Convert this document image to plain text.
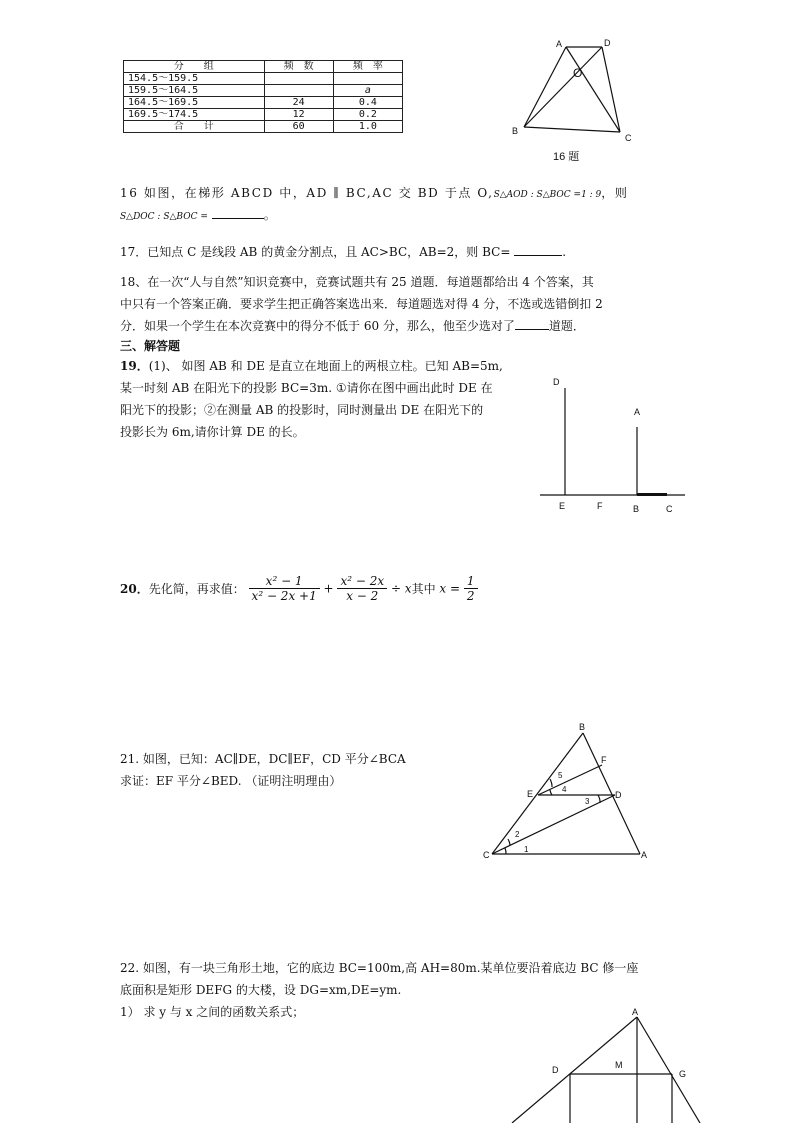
分　　组	频　数	频　率
154.5～159.5		
159.5～164.5		a
164.5～169.5	24	0.4
169.5～174.5	12	0.2
合　　计	60	1.0
A	D
O
B
C
16 题
16 如图，在梯形 ABCD 中，AD ∥ BC,AC 交 BD 于点 O,S△AOD : S△BOC =1 : 9，则
S△DOC : S△BOC =	。
17．已知点 C 是线段 AB 的黄金分割点，且 AC>BC，AB=2，则 BC=	.
18、在一次“人与自然”知识竞赛中，竞赛试题共有 25 道题．每道题都给出 4 个答案，其
中只有一个答案正确．要求学生把正确答案选出来．每道题选对得 4 分，不选或选错倒扣 2
分．如果一个学生在本次竞赛中的得分不低于 60 分，那么，他至少选对了	道题．
三、解答题
19．(1)、 如图 AB 和 DE 是直立在地面上的两根立柱。已知 AB=5m,
某一时刻 AB 在阳光下的投影 BC=3m. ①请你在图中画出此时 DE 在
阳光下的投影；②在测量 AB 的投影时，同时测量出 DE 在阳光下的
投影长为 6m,请你计算 DE 的长。
D
A
E	F	B	C
20．先化简，再求值： $\frac{\text{x² − 1}}{\text{x² − 2x +1}} + \frac{\text{x² − 2x}}{x - 2} \div x$其中 $x = \frac{1}{2}$
21. 如图，已知：AC∥DE，DC∥EF，CD 平分∠BCA
求证：EF 平分∠BED. （证明注明理由）
B
F
E	D
C	A
5
4
3
2
1
22. 如图，有一块三角形土地，它的底边 BC=100m,高 AH=80m.某单位要沿着底边 BC 修一座
底面积是矩形 DEFG 的大楼，设 DG=xm,DE=ym.
1） 求 y 与 x 之间的函数关系式；	A
D	M
G
